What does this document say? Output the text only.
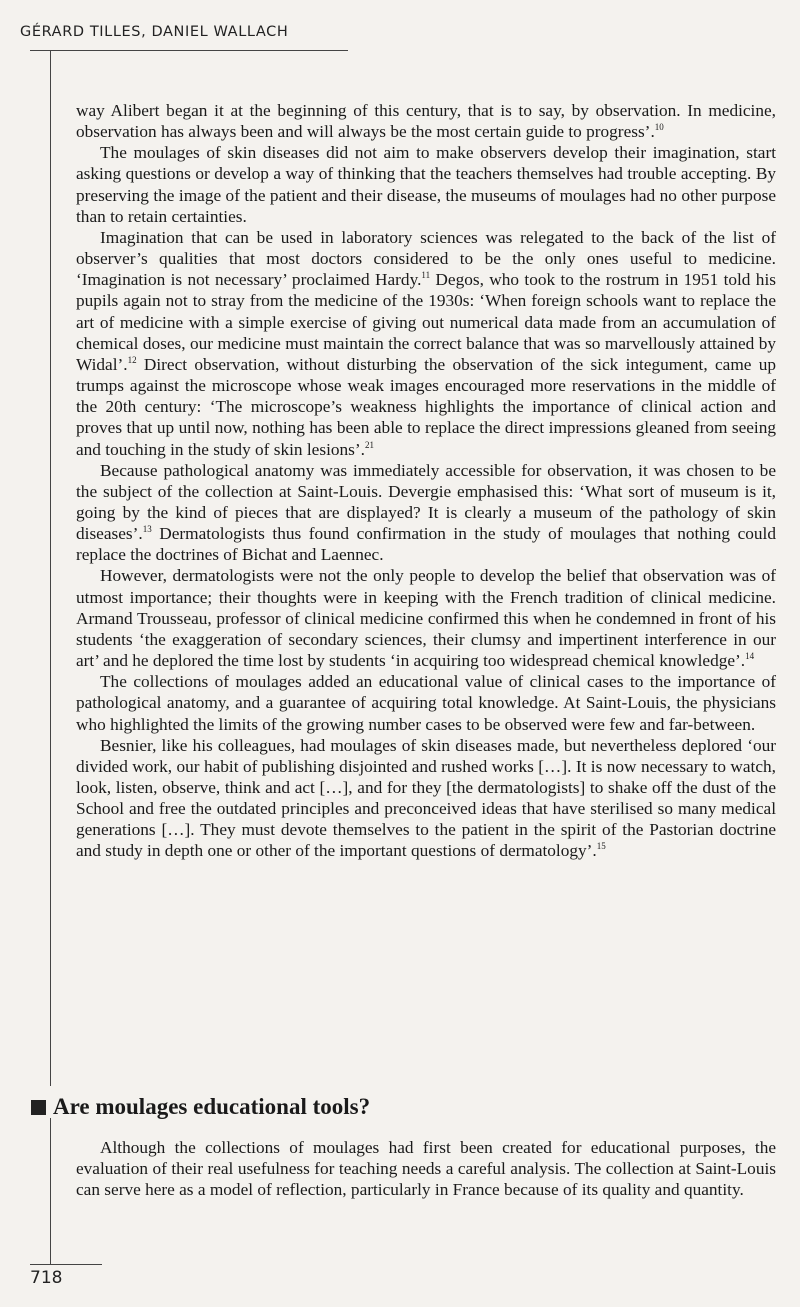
GÉRARD TILLES, DANIEL WALLACH

way Alibert began it at the beginning of this century, that is to say, by observation. In medicine, observation has always been and will always be the most certain guide to progress’.$^{10}$

The moulages of skin diseases did not aim to make observers develop their imagination, start asking questions or develop a way of thinking that the teachers themselves had trouble accepting. By preserving the image of the patient and their disease, the museums of moulages had no other purpose than to retain certainties.

Imagination that can be used in laboratory sciences was relegated to the back of the list of observer’s qualities that most doctors considered to be the only ones useful to medicine. ‘Imagination is not necessary’ proclaimed Hardy.$^{11}$ Degos, who took to the rostrum in 1951 told his pupils again not to stray from the medicine of the 1930s: ‘When foreign schools want to replace the art of medicine with a simple exercise of giving out numerical data made from an accumulation of chemical doses, our medicine must maintain the correct balance that was so marvellously attained by Widal’.$^{12}$ Direct observation, without disturbing the observation of the sick integument, came up trumps against the microscope whose weak images encouraged more reservations in the middle of the 20th century: ‘The microscope’s weakness highlights the importance of clinical action and proves that up until now, nothing has been able to replace the direct impressions gleaned from seeing and touching in the study of skin lesions’.$^{21}$

Because pathological anatomy was immediately accessible for observation, it was chosen to be the subject of the collection at Saint-Louis. Devergie emphasised this: ‘What sort of museum is it, going by the kind of pieces that are displayed? It is clearly a museum of the pathology of skin diseases’.$^{13}$ Dermatologists thus found confirmation in the study of moulages that nothing could replace the doctrines of Bichat and Laennec.

However, dermatologists were not the only people to develop the belief that observation was of utmost importance; their thoughts were in keeping with the French tradition of clinical medicine. Armand Trousseau, professor of clinical medicine confirmed this when he condemned in front of his students ‘the exaggeration of secondary sciences, their clumsy and impertinent interference in our art’ and he deplored the time lost by students ‘in acquiring too widespread chemical knowledge’.$^{14}$

The collections of moulages added an educational value of clinical cases to the importance of pathological anatomy, and a guarantee of acquiring total knowledge. At Saint-Louis, the physicians who highlighted the limits of the growing number cases to be observed were few and far-between.

Besnier, like his colleagues, had moulages of skin diseases made, but nevertheless deplored ‘our divided work, our habit of publishing disjointed and rushed works […]. It is now necessary to watch, look, listen, observe, think and act […], and for they [the dermatologists] to shake off the dust of the School and free the outdated principles and preconceived ideas that have sterilised so many medical generations […]. They must devote themselves to the patient in the spirit of the Pastorian doctrine and study in depth one or other of the important questions of dermatology’.$^{15}$

Are moulages educational tools?

Although the collections of moulages had first been created for educational purposes, the evaluation of their real usefulness for teaching needs a careful analysis. The collection at Saint-Louis can serve here as a model of reflection, particularly in France because of its quality and quantity.

718
